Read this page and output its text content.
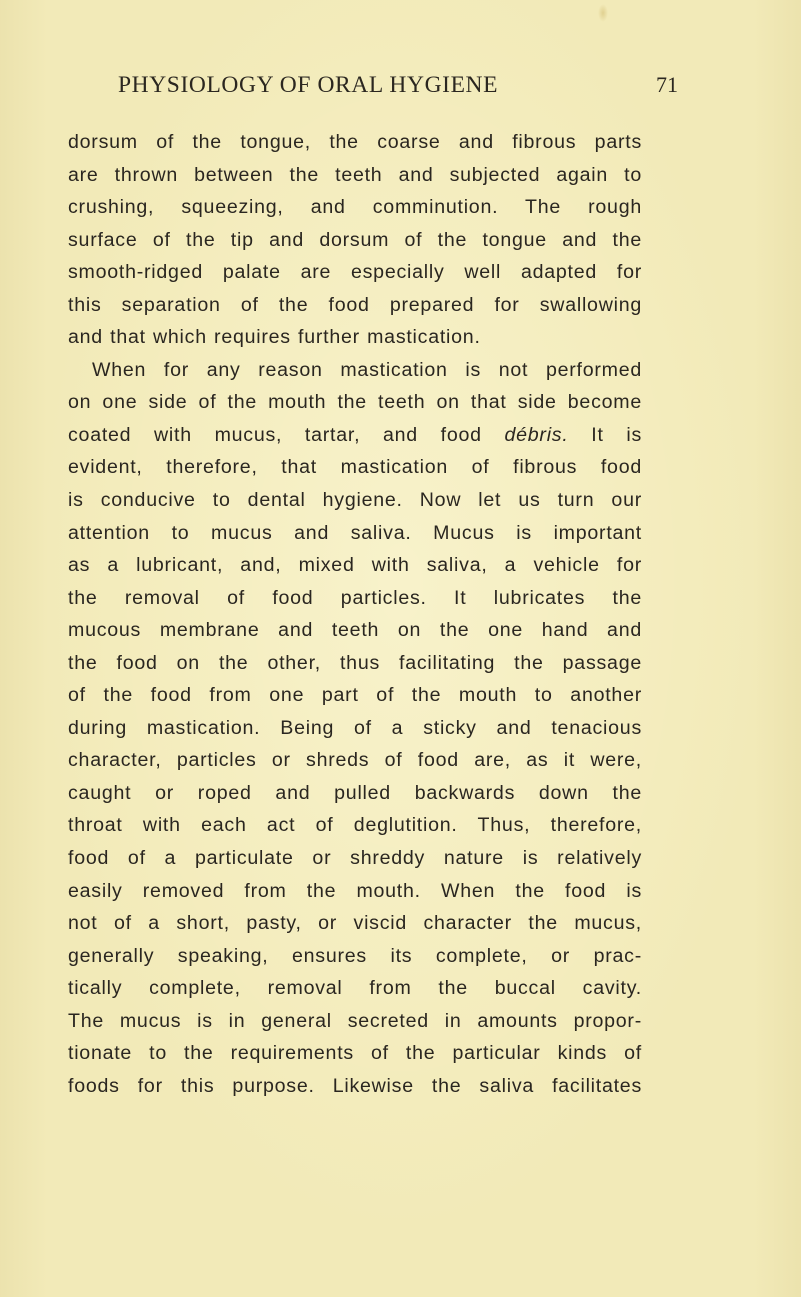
PHYSIOLOGY OF ORAL HYGIENE	71
dorsum of the tongue, the coarse and fibrous parts
are thrown between the teeth and subjected again to
crushing, squeezing, and comminution. The rough
surface of the tip and dorsum of the tongue and the
smooth-ridged palate are especially well adapted for
this separation of the food prepared for swallowing
and that which requires further mastication.
When for any reason mastication is not performed
on one side of the mouth the teeth on that side become
coated with mucus, tartar, and food débris. It is
evident, therefore, that mastication of fibrous food
is conducive to dental hygiene. Now let us turn our
attention to mucus and saliva. Mucus is important
as a lubricant, and, mixed with saliva, a vehicle for
the removal of food particles. It lubricates the
mucous membrane and teeth on the one hand and
the food on the other, thus facilitating the passage
of the food from one part of the mouth to another
during mastication. Being of a sticky and tenacious
character, particles or shreds of food are, as it were,
caught or roped and pulled backwards down the
throat with each act of deglutition. Thus, therefore,
food of a particulate or shreddy nature is relatively
easily removed from the mouth. When the food is
not of a short, pasty, or viscid character the mucus,
generally speaking, ensures its complete, or prac-
tically complete, removal from the buccal cavity.
The mucus is in general secreted in amounts propor-
tionate to the requirements of the particular kinds of
foods for this purpose. Likewise the saliva facilitates
